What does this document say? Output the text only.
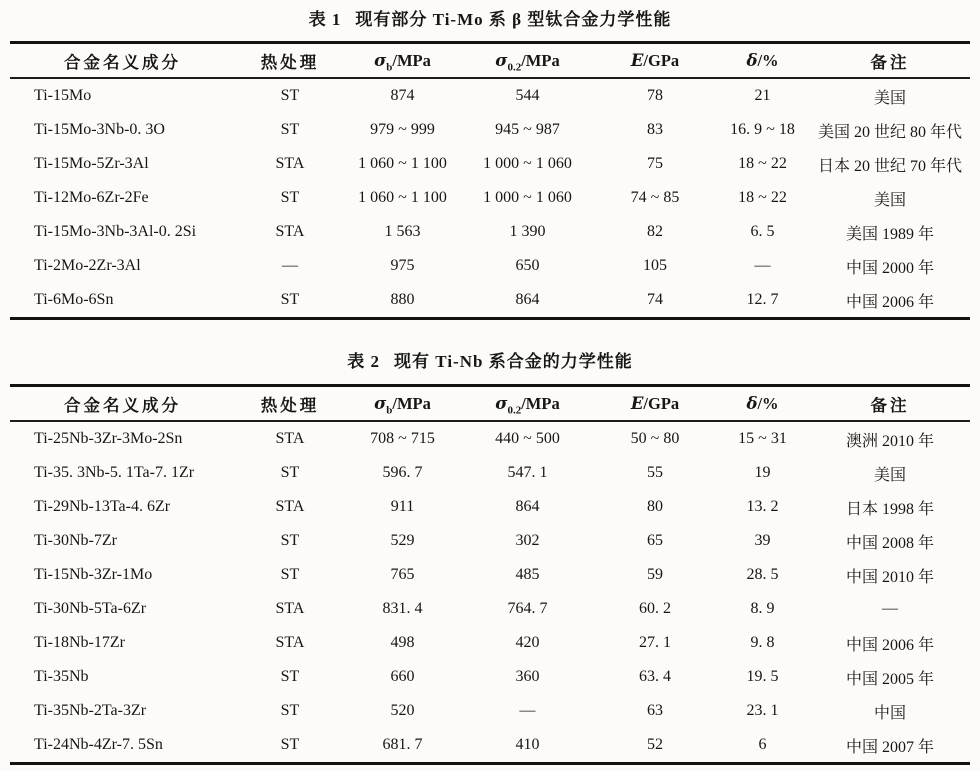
表 1 现有部分 Ti-Mo 系 β 型钛合金力学性能
合金名义成分	热处理	$\sigma_b$/MPa	$\sigma_{0.2}$/MPa	E/GPa	δ/%	备注
Ti-15Mo	ST	874	544	78	21	美国
Ti-15Mo-3Nb-0. 3O	ST	979 ~ 999	945 ~ 987	83	16. 9 ~ 18	美国 20 世纪 80 年代
Ti-15Mo-5Zr-3Al	STA	1 060 ~ 1 100	1 000 ~ 1 060	75	18 ~ 22	日本 20 世纪 70 年代
Ti-12Mo-6Zr-2Fe	ST	1 060 ~ 1 100	1 000 ~ 1 060	74 ~ 85	18 ~ 22	美国
Ti-15Mo-3Nb-3Al-0. 2Si	STA	1 563	1 390	82	6. 5	美国 1989 年
Ti-2Mo-2Zr-3Al	—	975	650	105	—	中国 2000 年
Ti-6Mo-6Sn	ST	880	864	74	12. 7	中国 2006 年
表 2 现有 Ti-Nb 系合金的力学性能
合金名义成分	热处理	$\sigma_b$/MPa	$\sigma_{0.2}$/MPa	E/GPa	δ/%	备注
Ti-25Nb-3Zr-3Mo-2Sn	STA	708 ~ 715	440 ~ 500	50 ~ 80	15 ~ 31	澳洲 2010 年
Ti-35. 3Nb-5. 1Ta-7. 1Zr	ST	596. 7	547. 1	55	19	美国
Ti-29Nb-13Ta-4. 6Zr	STA	911	864	80	13. 2	日本 1998 年
Ti-30Nb-7Zr	ST	529	302	65	39	中国 2008 年
Ti-15Nb-3Zr-1Mo	ST	765	485	59	28. 5	中国 2010 年
Ti-30Nb-5Ta-6Zr	STA	831. 4	764. 7	60. 2	8. 9	—
Ti-18Nb-17Zr	STA	498	420	27. 1	9. 8	中国 2006 年
Ti-35Nb	ST	660	360	63. 4	19. 5	中国 2005 年
Ti-35Nb-2Ta-3Zr	ST	520	—	63	23. 1	中国
Ti-24Nb-4Zr-7. 5Sn	ST	681. 7	410	52	6	中国 2007 年
